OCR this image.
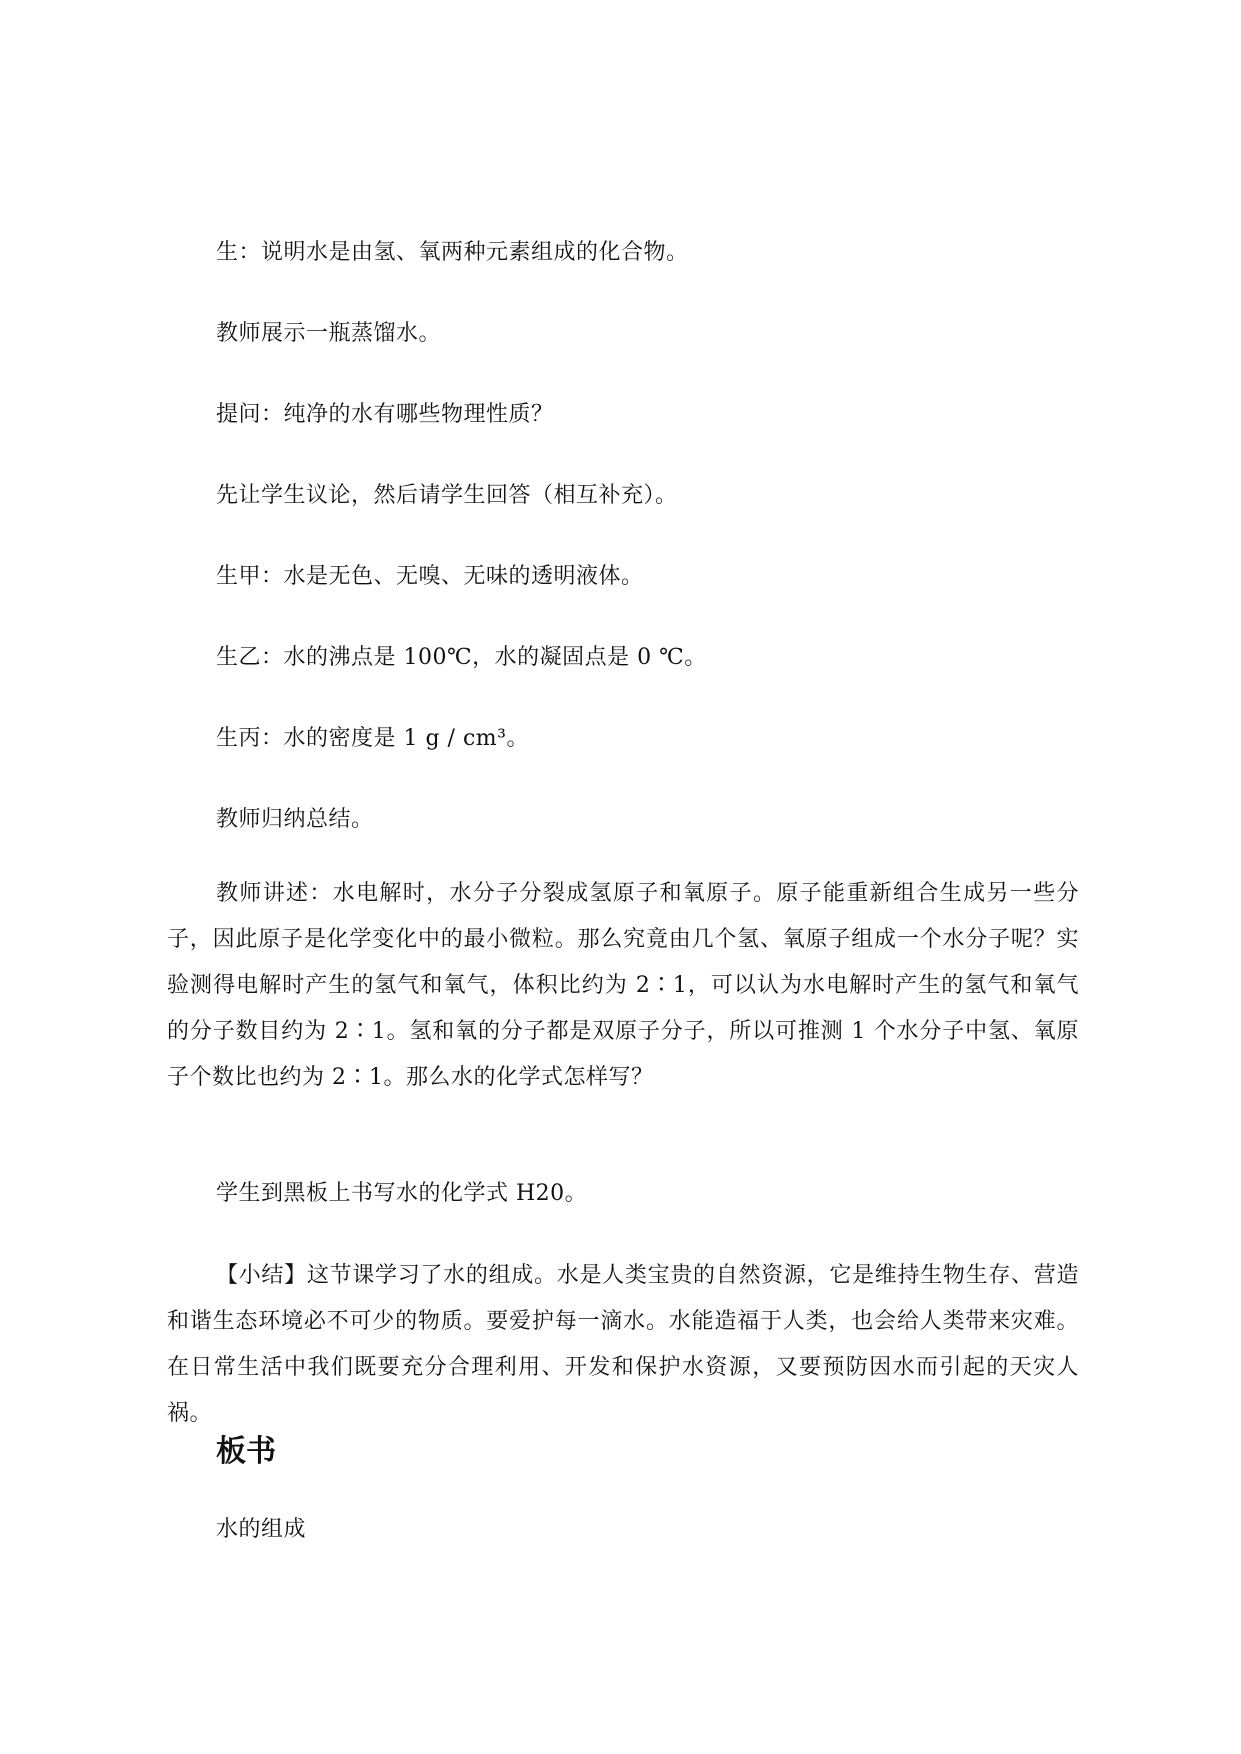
生：说明水是由氢、氧两种元素组成的化合物。
教师展示一瓶蒸馏水。
提问：纯净的水有哪些物理性质？
先让学生议论，然后请学生回答（相互补充）。
生甲：水是无色、无嗅、无味的透明液体。
生乙：水的沸点是 100℃，水的凝固点是 0 ℃。
生丙：水的密度是 1 g / cm³。
教师归纳总结。
教师讲述：水电解时，水分子分裂成氢原子和氧原子。原子能重新组合生成另一些分子，因此原子是化学变化中的最小微粒。那么究竟由几个氢、氧原子组成一个水分子呢？实验测得电解时产生的氢气和氧气，体积比约为 2∶1，可以认为水电解时产生的氢气和氧气的分子数目约为 2∶1。氢和氧的分子都是双原子分子，所以可推测 1 个水分子中氢、氧原子个数比也约为 2∶1。那么水的化学式怎样写？
学生到黑板上书写水的化学式 H20。
【小结】这节课学习了水的组成。水是人类宝贵的自然资源，它是维持生物生存、营造和谐生态环境必不可少的物质。要爱护每一滴水。水能造福于人类，也会给人类带来灾难。在日常生活中我们既要充分合理利用、开发和保护水资源，又要预防因水而引起的天灾人祸。
板书
水的组成
